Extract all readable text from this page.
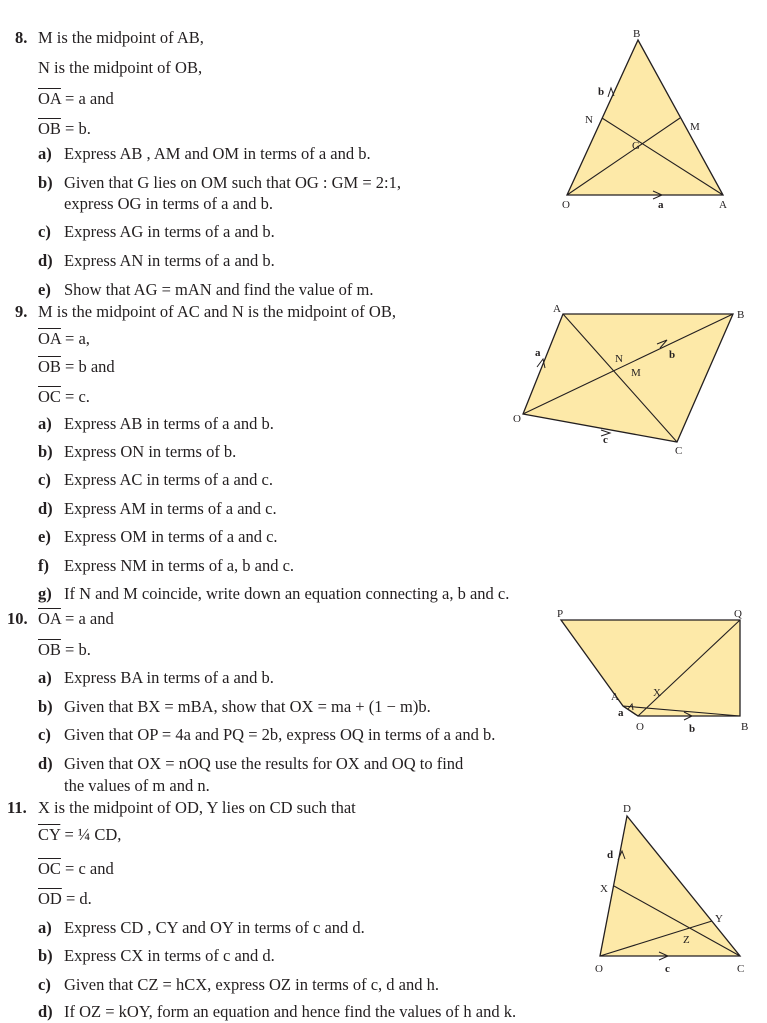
8. M is the midpoint of AB,
N is the midpoint of OB,
$\overline{OA} = a$ and
$\overline{OB} = b$.
a) Express AB , AM and OM in terms of a and b.
b) Given that G lies on OM such that OG : GM = 2:1,
express OG in terms of a and b.
c) Express AG in terms of a and b.
d) Express AN in terms of a and b.
e) Show that AG = mAN and find the value of m.
B
M
N
G
O	A
a
b
9. M is the midpoint of AC and N is the midpoint of OB,
$\overline{OA} = a$,
$\overline{OB} = b$ and
$\overline{OC} = c$.
a) Express AB in terms of a and b.
b) Express ON in terms of b.
c) Express AC in terms of a and c.
d) Express AM in terms of a and c.
e) Express OM in terms of a and c.
f) Express NM in terms of a, b and c.
g) If N and M coincide, write down an equation connecting a, b and c.
A	B
N
M
O
C
a	b
c
10. $\overline{OA} = a$ and
$\overline{OB} = b$.
a) Express BA in terms of a and b.
b) Given that BX = mBA, show that OX = ma + (1 − m)b.
c) Given that OP = 4a and PQ = 2b, express OQ in terms of a and b.
d) Given that OX = nOQ use the results for OX and OQ to find
the values of m and n.
P	Q
A	X
O	B
a
b
11. X is the midpoint of OD, Y lies on CD such that
$\overline{CY}$ = ¼ CD,
$\overline{OC} = c$ and
$\overline{OD} = d$.
a) Express CD , CY and OY in terms of c and d.
b) Express CX in terms of c and d.
c) Given that CZ = hCX, express OZ in terms of c, d and h.
d) If OZ = kOY, form an equation and hence find the values of h and k.
D
X
Y
Z
O	C
c
d
